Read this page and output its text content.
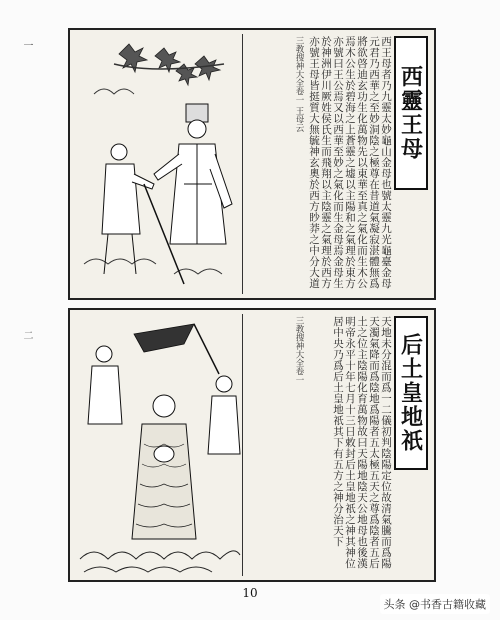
一
二
西靈王母
西王母者乃九靈太妙龜山金母也號太靈九光龜臺金母元君乃西華之至妙洞陰之極尊在昔道氣凝寂湛體無爲將欲啓迪玄功生化萬物先以東華至真之氣化而生木公焉木公生於碧海之上蒼靈之墟以主陽和之氣理於東方亦號曰王公焉又以西華至妙之氣化而生金母焉金母生於神洲伊川厥姓侯氏生而飛翔以主陰靈之氣理於西方亦號王母皆挺質大無毓神玄奧於西方眇莽之中分大道
三教搜神大全卷一 王母云
后土皇地祇
天地未分混而爲一二儀初判陰陽定位故清氣騰而爲陽天濁氣降而爲陰地爲陽者五太極五天之尊爲陰者五后土之位主陰陽化育萬物故曰天陽地陰天公地母也後漢明帝永平十年七月十三日敕封后土皇地祇之神其神位居中央乃爲后土皇地祇其下有五方之神分治天下
三教搜神大全卷一
10
头条 @书香古籍收藏
